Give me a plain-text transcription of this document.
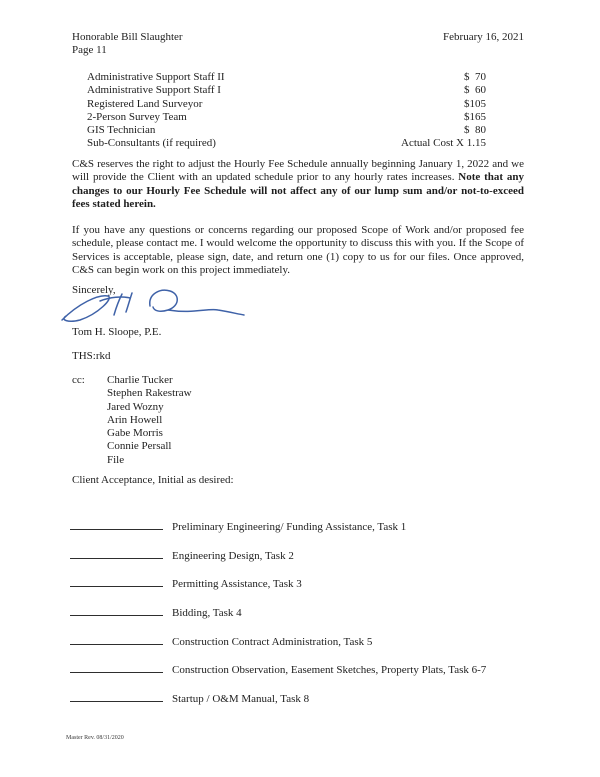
Honorable Bill Slaughter	February 16, 2021
Page 11
Administrative Support Staff II	$  70
Administrative Support Staff I	$  60
Registered Land Surveyor	$105
2-Person Survey Team	$165
GIS Technician	$  80
Sub-Consultants (if required)	Actual Cost X 1.15

C&S reserves the right to adjust the Hourly Fee Schedule annually beginning January 1, 2022 and we will provide the Client with an updated schedule prior to any hourly rates increases. Note that any changes to our Hourly Fee Schedule will not affect any of our lump sum and/or not-to-exceed fees stated herein.

If you have any questions or concerns regarding our proposed Scope of Work and/or proposed fee schedule, please contact me. I would welcome the opportunity to discuss this with you. If the Scope of Services is acceptable, please sign, date, and return one (1) copy to us for our files. Once approved, C&S can begin work on this project immediately.

Sincerely,
Tom H. Sloope, P.E.
THS:rkd
cc:	Charlie Tucker
Stephen Rakestraw
Jared Wozny
Arin Howell
Gabe Morris
Connie Persall
File
Client Acceptance, Initial as desired:
Preliminary Engineering/ Funding Assistance, Task 1
Engineering Design, Task 2
Permitting Assistance, Task 3
Bidding, Task 4
Construction Contract Administration, Task 5
Construction Observation, Easement Sketches, Property Plats, Task 6-7
Startup / O&M Manual, Task 8
Master Rev. 08/31/2020
